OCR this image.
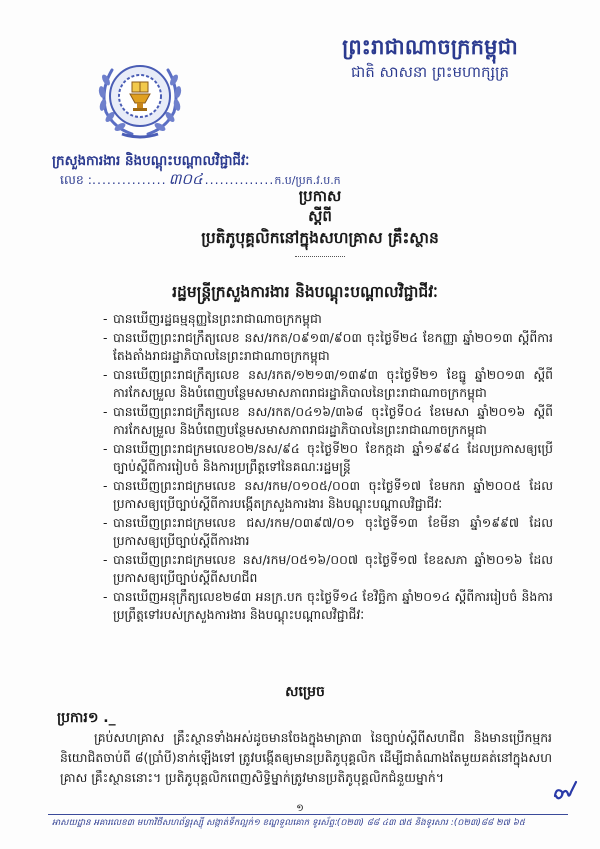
ព្រះរាជាណាចក្រកម្ពុជា
ជាតិ សាសនា ព្រះមហាក្សត្រ
ក្រសួងការងារ និងបណ្តុះបណ្តាលវិជ្ជាជីវៈ
លេខ : ............... ៣០៤ .............. ក.ប/ប្រក.វ.ប.ក
ប្រកាស
ស្តីពី
ប្រតិភូបុគ្គលិកនៅក្នុងសហគ្រាស គ្រឹះស្ថាន
រដ្ឋមន្ត្រីក្រសួងការងារ និងបណ្តុះបណ្តាលវិជ្ជាជីវៈ
- បានឃើញរដ្ឋធម្មនុញ្ញនៃព្រះរាជាណាចក្រកម្ពុជា
- បានឃើញព្រះរាជក្រឹត្យលេខ នស/រកត/០៩១៣/៩០៣ ចុះថ្ងៃទី២៤ ខែកញ្ញា ឆ្នាំ២០១៣ ស្តីពីការតែងតាំងរាជរដ្ឋាភិបាលនៃព្រះរាជាណាចក្រកម្ពុជា
- បានឃើញព្រះរាជក្រឹត្យលេខ នស/រកត/១២១៣/១៣៩៣ ចុះថ្ងៃទី២១ ខែធ្នូ ឆ្នាំ២០១៣ ស្តីពីការកែសម្រួល និងបំពេញបន្ថែមសមាសភាពរាជរដ្ឋាភិបាលនៃព្រះរាជាណាចក្រកម្ពុជា
- បានឃើញព្រះរាជក្រឹត្យលេខ នស/រកត/០៤១៦/៣៦៨ ចុះថ្ងៃទី០៤ ខែមេសា ឆ្នាំ២០១៦ ស្តីពីការកែសម្រួល និងបំពេញបន្ថែមសមាសភាពរាជរដ្ឋាភិបាលនៃព្រះរាជាណាចក្រកម្ពុជា
- បានឃើញព្រះរាជក្រមលេខ០២/នស/៩៤ ចុះថ្ងៃទី២០ ខែកក្កដា ឆ្នាំ១៩៩៤ ដែលប្រកាសឲ្យប្រើច្បាប់ស្តីពីការរៀបចំ និងការប្រព្រឹត្តទៅនៃគណៈរដ្ឋមន្ត្រី
- បានឃើញព្រះរាជក្រមលេខ នស/រកម/០១០៥/០០៣ ចុះថ្ងៃទី១៧ ខែមករា ឆ្នាំ២០០៥ ដែលប្រកាសឲ្យប្រើច្បាប់ស្តីពីការបង្កើតក្រសួងការងារ និងបណ្តុះបណ្តាលវិជ្ជាជីវៈ
- បានឃើញព្រះរាជក្រមលេខ ជស/រកម/០៣៩៧/០១ ចុះថ្ងៃទី១៣ ខែមីនា ឆ្នាំ១៩៩៧ ដែលប្រកាសឲ្យប្រើច្បាប់ស្តីពីការងារ
- បានឃើញព្រះរាជក្រមលេខ នស/រកម/០៥១៦/០០៧ ចុះថ្ងៃទី១៧ ខែឧសភា ឆ្នាំ២០១៦ ដែលប្រកាសឲ្យប្រើច្បាប់ស្តីពីសហជីព
- បានឃើញអនុក្រឹត្យលេខ២៨៣ អនក្រ.បក ចុះថ្ងៃទី១៤ ខែវិច្ឆិកា ឆ្នាំ២០១៤ ស្តីពីការរៀបចំ និងការប្រព្រឹត្តទៅរបស់ក្រសួងការងារ និងបណ្តុះបណ្តាលវិជ្ជាជីវៈ
សម្រេច
ប្រការ១ ._
គ្រប់សហគ្រាស គ្រឹះស្ថានទាំងអស់ដូចមានចែងក្នុងមាត្រា៣ នៃច្បាប់ស្តីពីសហជីព និងមានប្រើកម្មករនិយោជិតចាប់ពី ៨(ប្រាំបី)នាក់ឡើងទៅ ត្រូវបង្កើតឲ្យមានប្រតិភូបុគ្គលិក ដើម្បីជាតំណាងតែមួយគត់នៅក្នុងសហគ្រាស គ្រឹះស្ថាននោះ។ ប្រតិភូបុគ្គលិកពេញសិទ្ធិម្នាក់ត្រូវមានប្រតិភូបុគ្គលិកជំនួយម្នាក់។
១
អាសយដ្ឋាន អគារលេខ៣ មហាវិថីសហព័ន្ធរុស្ស៊ី សង្កាត់ទឹកល្អក់១ ខណ្ឌទួលគោក ទូរស័ព្ទៈ(០២៣) ៨៨ ៤៣ ៧៥ និងទូរសារ :(០២៣)៨៨ ២៧ ៦៥
